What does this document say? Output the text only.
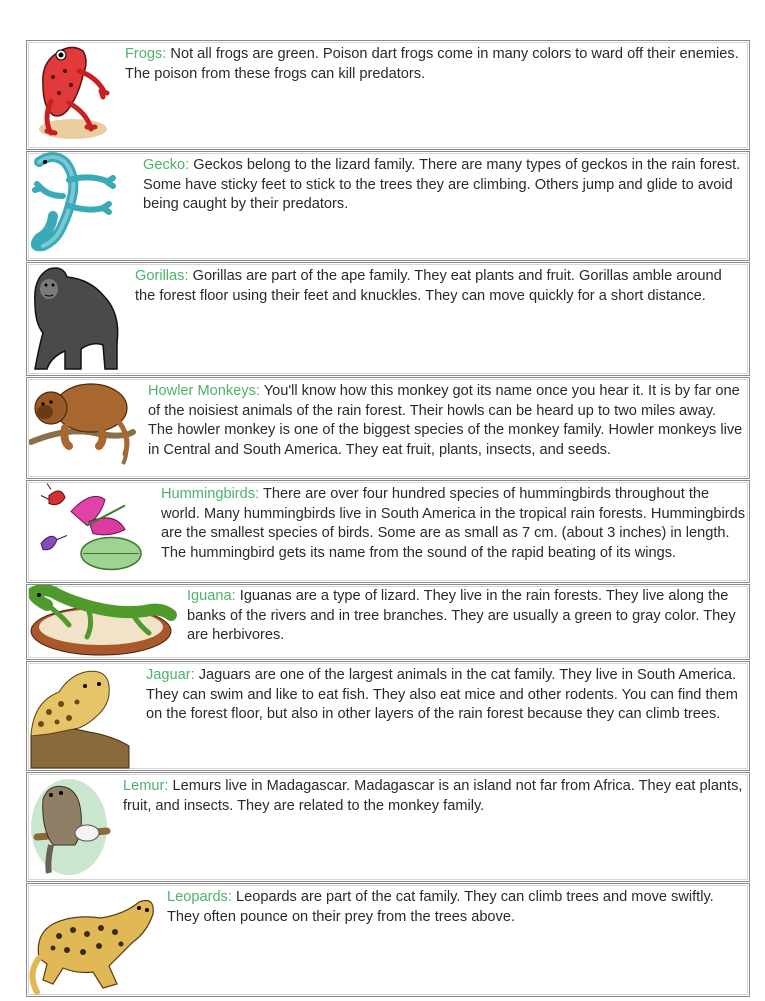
Frogs: Not all frogs are green. Poison dart frogs come in many colors to ward off their enemies. The poison from these frogs can kill predators.
Gecko: Geckos belong to the lizard family. There are many types of geckos in the rain forest. Some have sticky feet to stick to the trees they are climbing. Others jump and glide to avoid being caught by their predators.
Gorillas: Gorillas are part of the ape family. They eat plants and fruit. Gorillas amble around the forest floor using their feet and knuckles. They can move quickly for a short distance.
Howler Monkeys: You'll know how this monkey got its name once you hear it. It is by far one of the noisiest animals of the rain forest. Their howls can be heard up to two miles away. The howler monkey is one of the biggest species of the monkey family. Howler monkeys live in Central and South America. They eat fruit, plants, insects, and seeds.
Hummingbirds: There are over four hundred species of hummingbirds throughout the world. Many hummingbirds live in South America in the tropical rain forests. Hummingbirds are the smallest species of birds. Some are as small as 7 cm. (about 3 inches) in length. The hummingbird gets its name from the sound of the rapid beating of its wings.
Iguana: Iguanas are a type of lizard. They live in the rain forests. They live along the banks of the rivers and in tree branches. They are usually a green to gray color. They are herbivores.
Jaguar: Jaguars are one of the largest animals in the cat family. They live in South America. They can swim and like to eat fish. They also eat mice and other rodents. You can find them on the forest floor, but also in other layers of the rain forest because they can climb trees.
Lemur: Lemurs live in Madagascar. Madagascar is an island not far from Africa. They eat plants, fruit, and insects. They are related to the monkey family.
Leopards: Leopards are part of the cat family. They can climb trees and move swiftly. They often pounce on their prey from the trees above.
